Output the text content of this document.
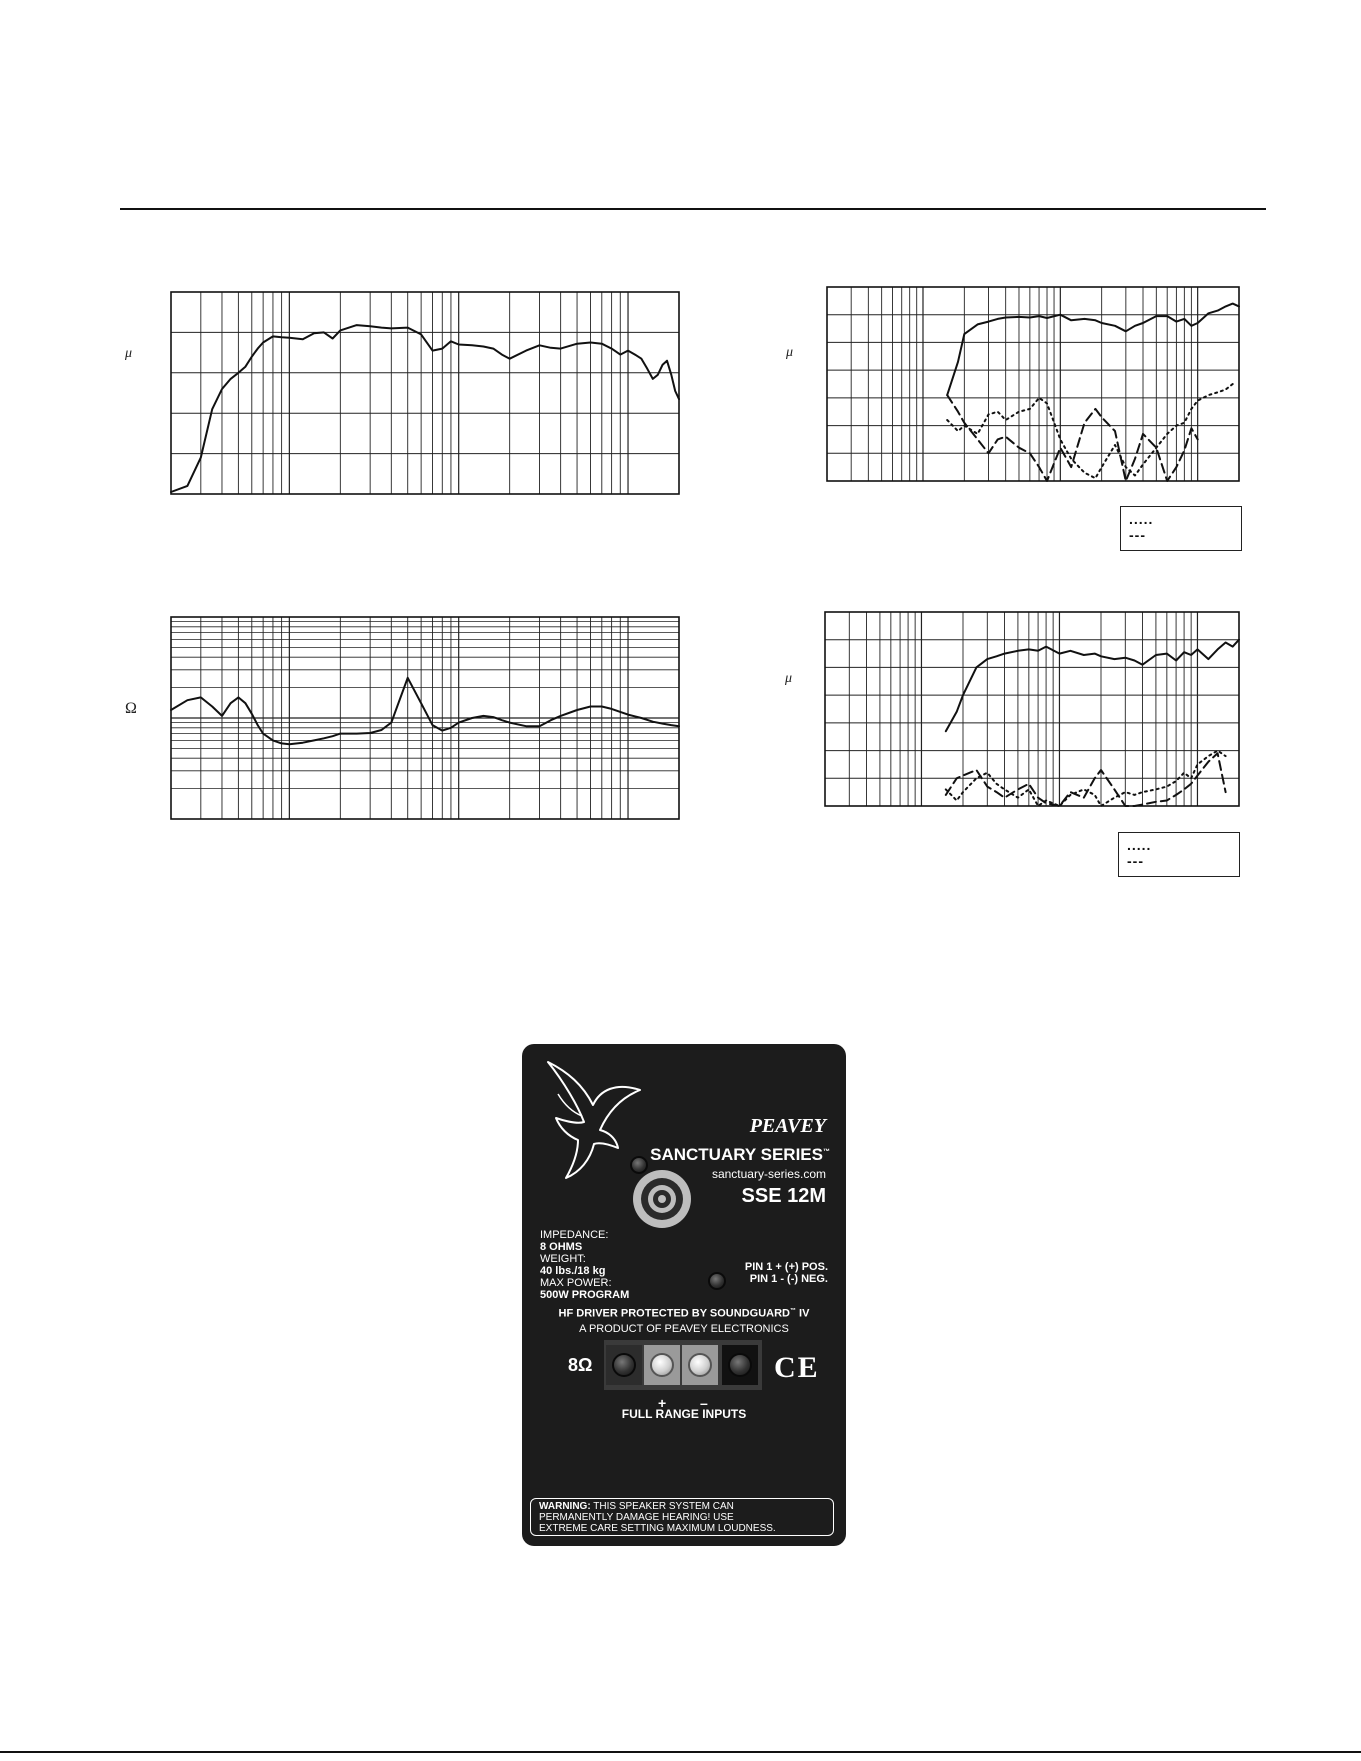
μ
Ω
μ
μ
.....
---
.....
---
PEAVEY
SANCTUARY SERIES™
sanctuary-series.com
SSE 12M
IMPEDANCE:
8 OHMS
WEIGHT:
40 lbs./18 kg
MAX POWER:
500W PROGRAM
PIN 1 + (+) POS.
PIN 1 - (-) NEG.
HF DRIVER PROTECTED BY SOUNDGUARD™ IV
A PRODUCT OF PEAVEY ELECTRONICS
8Ω	CE
+ –
FULL RANGE INPUTS
WARNING: THIS SPEAKER SYSTEM CAN
PERMANENTLY DAMAGE HEARING! USE
EXTREME CARE SETTING MAXIMUM LOUDNESS.
